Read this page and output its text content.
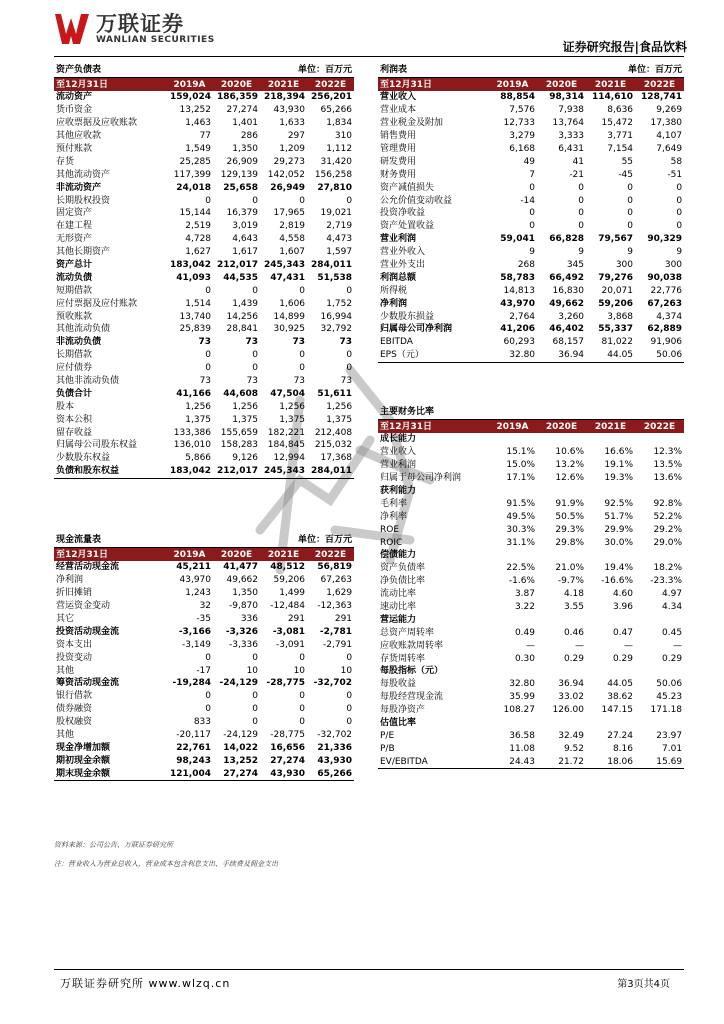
万联证券
WANLIAN SECURITIES
证券研究报告|食品饮料
资产负债表		单位：百万元		
至12月31日	2019A	2020E	2021E	2022E
流动资产	159,024	186,359	218,394	256,201
货币资金	13,252	27,274	43,930	65,266
应收票据及应收账款	1,463	1,401	1,633	1,834
其他应收款	77	286	297	310
预付账款	1,549	1,350	1,209	1,112
存货	25,285	26,909	29,273	31,420
其他流动资产	117,399	129,139	142,052	156,258
非流动资产	24,018	25,658	26,949	27,810
长期股权投资	0	0	0	0
固定资产	15,144	16,379	17,965	19,021
在建工程	2,519	3,019	2,819	2,719
无形资产	4,728	4,643	4,558	4,473
其他长期资产	1,627	1,617	1,607	1,597
资产总计	183,042	212,017	245,343	284,011
流动负债	41,093	44,535	47,431	51,538
短期借款	0	0	0	0
应付票据及应付账款	1,514	1,439	1,606	1,752
预收账款	13,740	14,256	14,899	16,994
其他流动负债	25,839	28,841	30,925	32,792
非流动负债	73	73	73	73
长期借款	0	0	0	0
应付债券	0	0	0	0
其他非流动负债	73	73	73	73
负债合计	41,166	44,608	47,504	51,611
股本	1,256	1,256	1,256	1,256
资本公积	1,375	1,375	1,375	1,375
留存收益	133,386	155,659	182,221	212,408
归属母公司股东权益	136,010	158,283	184,845	215,032
少数股东权益	5,866	9,126	12,994	17,368
负债和股东权益	183,042	212,017	245,343	284,011
现金流量表		单位：百万元		
至12月31日	2019A	2020E	2021E	2022E
经营活动现金流	45,211	41,477	48,512	56,819
净利润	43,970	49,662	59,206	67,263
折旧摊销	1,243	1,350	1,499	1,629
营运资金变动	32	-9,870	-12,484	-12,363
其它	-35	336	291	291
投资活动现金流	-3,166	-3,326	-3,081	-2,781
资本支出	-3,149	-3,336	-3,091	-2,791
投资变动	0	0	0	0
其他	-17	10	10	10
筹资活动现金流	-19,284	-24,129	-28,775	-32,702
银行借款	0	0	0	0
债券融资	0	0	0	0
股权融资	833	0	0	0
其他	-20,117	-24,129	-28,775	-32,702
现金净增加额	22,761	14,022	16,656	21,336
期初现金余额	98,243	13,252	27,274	43,930
期末现金余额	121,004	27,274	43,930	65,266
利润表		单位：百万元		
至12月31日	2019A	2020E	2021E	2022E
营业收入	88,854	98,314	114,610	128,741
营业成本	7,576	7,938	8,636	9,269
营业税金及附加	12,733	13,764	15,472	17,380
销售费用	3,279	3,333	3,771	4,107
管理费用	6,168	6,431	7,154	7,649
研发费用	49	41	55	58
财务费用	7	-21	-45	-51
资产减值损失	0	0	0	0
公允价值变动收益	-14	0	0	0
投资净收益	0	0	0	0
资产处置收益	0	0	0	0
营业利润	59,041	66,828	79,567	90,329
营业外收入	9	9	9	9
营业外支出	268	345	300	300
利润总额	58,783	66,492	79,276	90,038
所得税	14,813	16,830	20,071	22,776
净利润	43,970	49,662	59,206	67,263
少数股东损益	2,764	3,260	3,868	4,374
归属母公司净利润	41,206	46,402	55,337	62,889
EBITDA	60,293	68,157	81,022	91,906
EPS（元）	32.80	36.94	44.05	50.06
主要财务比率				
至12月31日	2019A	2020E	2021E	2022E
成长能力				
营业收入	15.1%	10.6%	16.6%	12.3%
营业利润	15.0%	13.2%	19.1%	13.5%
归属于母公司净利润	17.1%	12.6%	19.3%	13.6%
获利能力				
毛利率	91.5%	91.9%	92.5%	92.8%
净利率	49.5%	50.5%	51.7%	52.2%
ROE	30.3%	29.3%	29.9%	29.2%
ROIC	31.1%	29.8%	30.0%	29.0%
偿债能力				
资产负债率	22.5%	21.0%	19.4%	18.2%
净负债比率	-1.6%	-9.7%	-16.6%	-23.3%
流动比率	3.87	4.18	4.60	4.97
速动比率	3.22	3.55	3.96	4.34
营运能力				
总资产周转率	0.49	0.46	0.47	0.45
应收账款周转率	—	—	—	—
存货周转率	0.30	0.29	0.29	0.29
每股指标（元）				
每股收益	32.80	36.94	44.05	50.06
每股经营现金流	35.99	33.02	38.62	45.23
每股净资产	108.27	126.00	147.15	171.18
估值比率				
P/E	36.58	32.49	27.24	23.97
P/B	11.08	9.52	8.16	7.01
EV/EBITDA	24.43	21.72	18.06	15.69
资料来源：公司公告、万联证券研究所
注：营业收入为营业总收入，营业成本包含利息支出、手续费及佣金支出
万联证券研究所 www.wlzq.cn	第3页共4页
